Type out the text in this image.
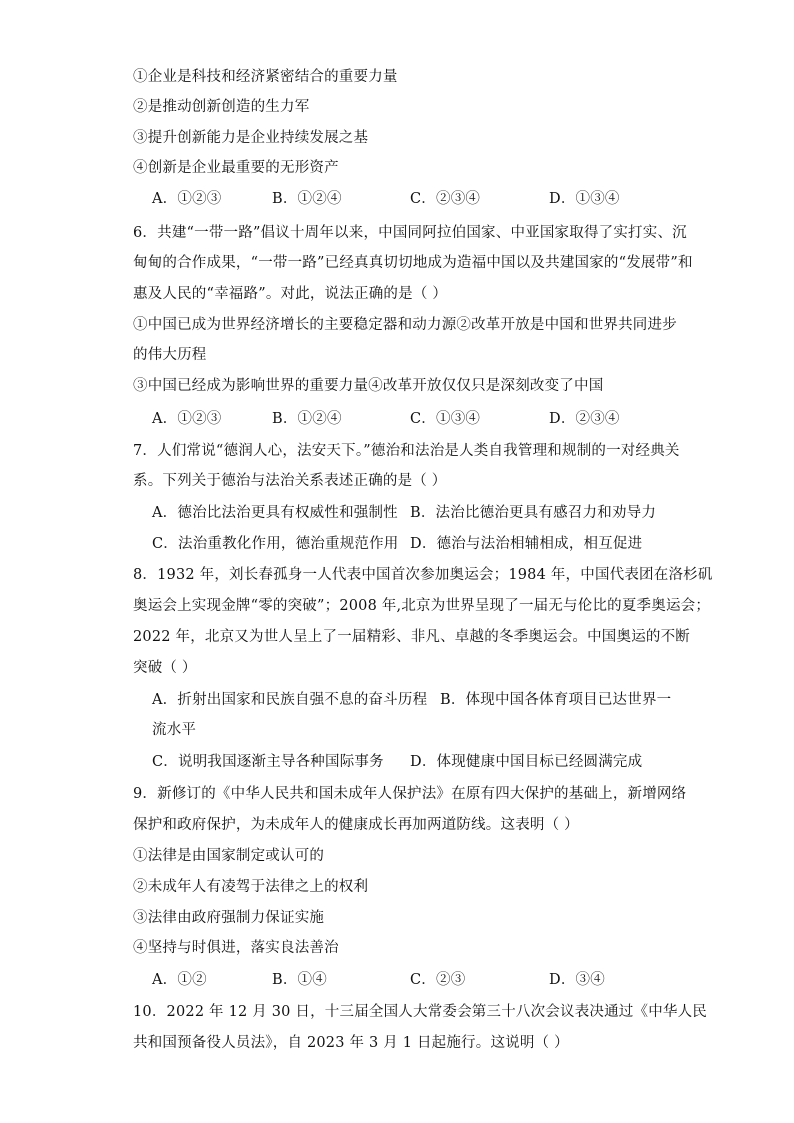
①企业是科技和经济紧密结合的重要力量
②是推动创新创造的生力军
③提升创新能力是企业持续发展之基
④创新是企业最重要的无形资产
A．①②③	B．①②④	C．②③④	D．①③④
6．共建“一带一路”倡议十周年以来，中国同阿拉伯国家、中亚国家取得了实打实、沉
甸甸的合作成果，“一带一路”已经真真切切地成为造福中国以及共建国家的“发展带”和
惠及人民的“幸福路”。对此，说法正确的是（ ）
①中国已成为世界经济增长的主要稳定器和动力源②改革开放是中国和世界共同进步
的伟大历程
③中国已经成为影响世界的重要力量④改革开放仅仅只是深刻改变了中国
A．①②③	B．①②④	C．①③④	D．②③④
7．人们常说“德润人心，法安天下。”德治和法治是人类自我管理和规制的一对经典关
系。下列关于德治与法治关系表述正确的是（ ）
A．德治比法治更具有权威性和强制性 B．法治比德治更具有感召力和劝导力
C．法治重教化作用，德治重规范作用 D．德治与法治相辅相成，相互促进
8．1932 年，刘长春孤身一人代表中国首次参加奥运会；1984 年，中国代表团在洛杉矶
奥运会上实现金牌“零的突破”；2008 年,北京为世界呈现了一届无与伦比的夏季奥运会；
2022 年，北京又为世人呈上了一届精彩、非凡、卓越的冬季奥运会。中国奥运的不断
突破（ ）
A．折射出国家和民族自强不息的奋斗历程 B．体现中国各体育项目已达世界一
流水平
C．说明我国逐渐主导各种国际事务 D．体现健康中国目标已经圆满完成
9．新修订的《中华人民共和国未成年人保护法》在原有四大保护的基础上，新增网络
保护和政府保护，为未成年人的健康成长再加两道防线。这表明（ ）
①法律是由国家制定或认可的
②未成年人有凌驾于法律之上的权利
③法律由政府强制力保证实施
④坚持与时俱进，落实良法善治
A．①②	B．①④	C．②③	D．③④
10．2022 年 12 月 30 日，十三届全国人大常委会第三十八次会议表决通过《中华人民
共和国预备役人员法》，自 2023 年 3 月 1 日起施行。这说明（ ）
